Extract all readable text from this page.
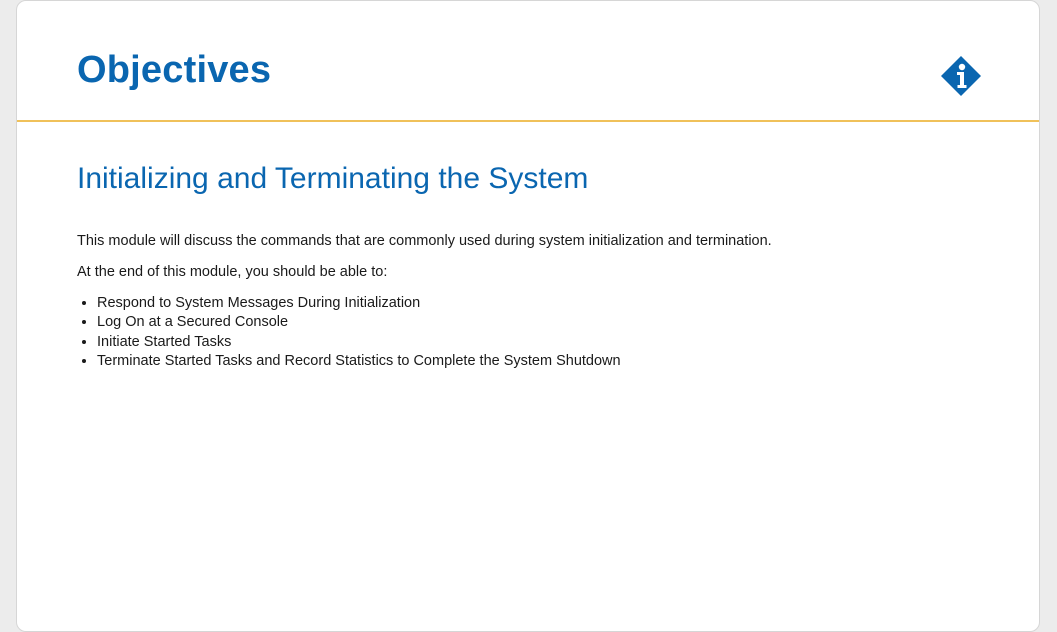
Objectives
Initializing and Terminating the System

This module will discuss the commands that are commonly used during system initialization and termination.

At the end of this module, you should be able to:

• Respond to System Messages During Initialization
• Log On at a Secured Console
• Initiate Started Tasks
• Terminate Started Tasks and Record Statistics to Complete the System Shutdown
